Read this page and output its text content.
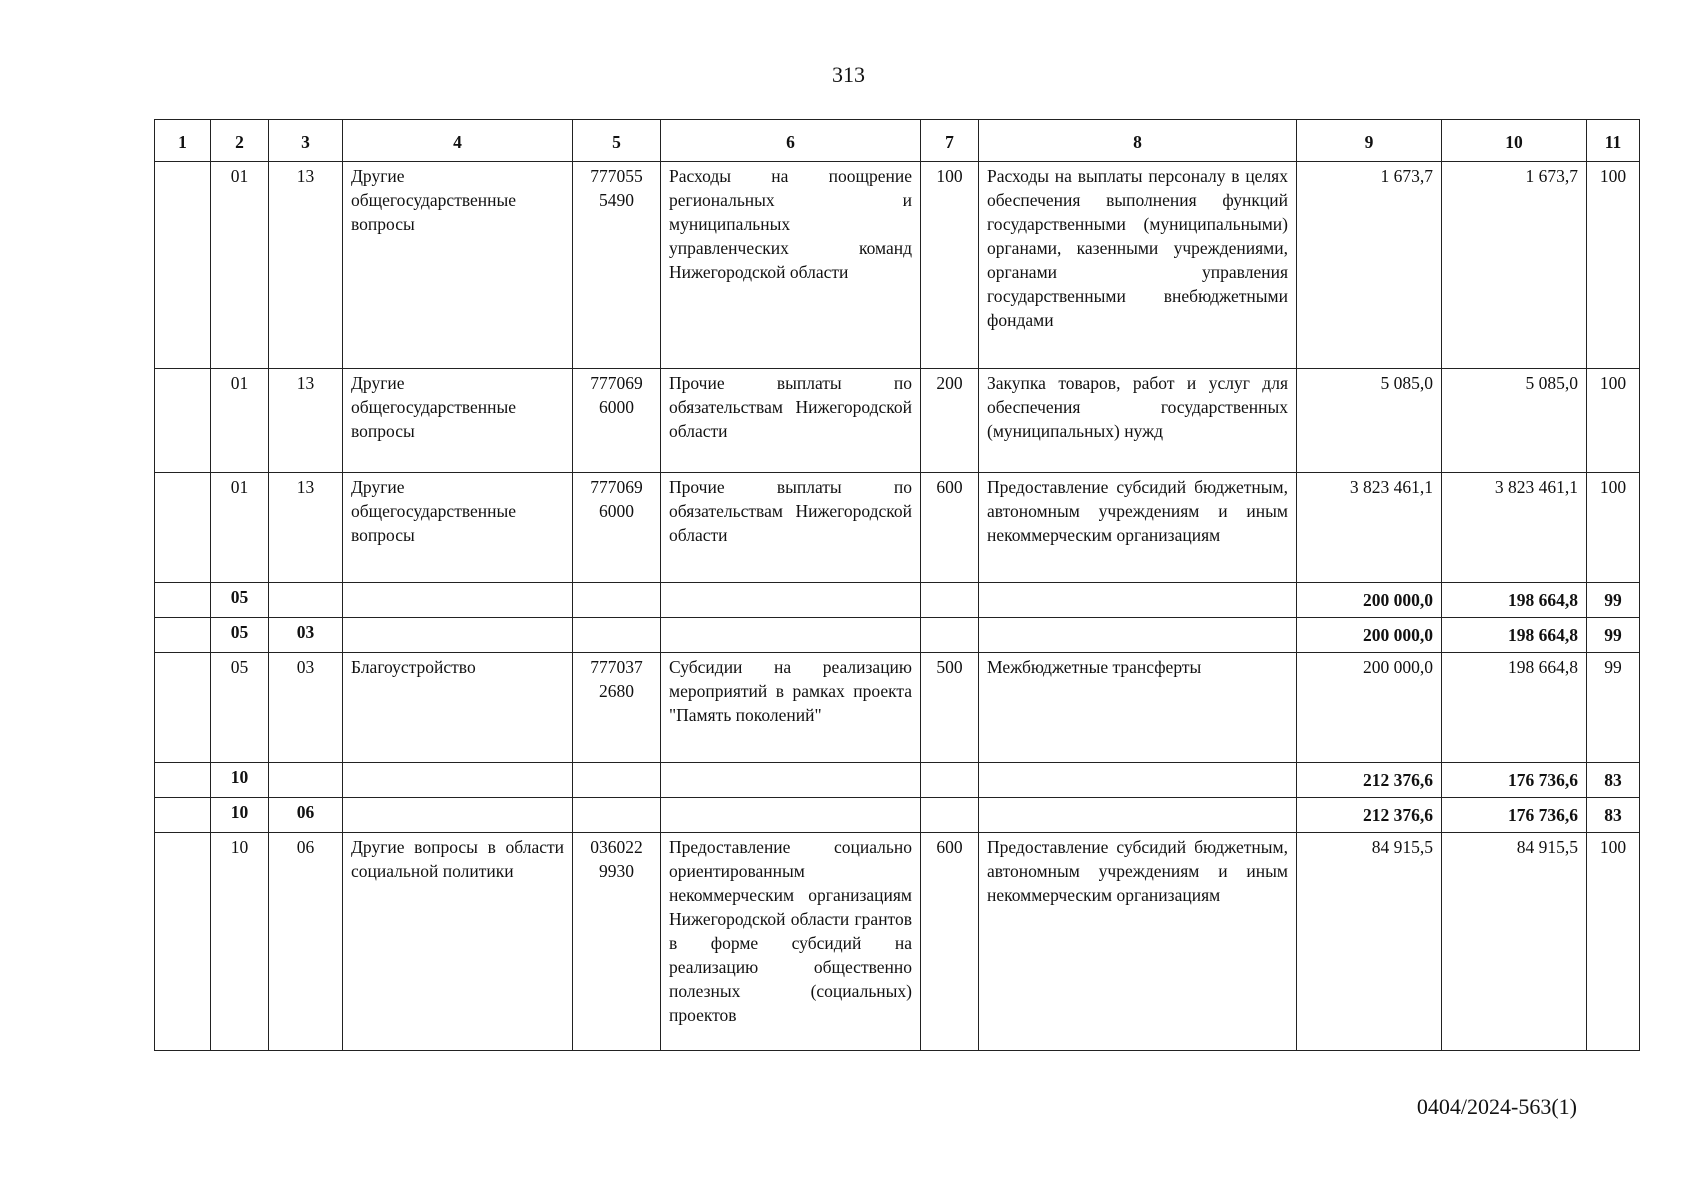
313
1	2	3	4	5	6	7	8	9	10	11
	01	13	Другие общегосударственные вопросы	777055 5490	Расходы на поощрение региональных и муниципальных управленческих команд Нижегородской области	100	Расходы на выплаты персоналу в целях обеспечения выполнения функций государственными (муниципальными) органами, казенными учреждениями, органами управления государственными внебюджетными фондами	1 673,7	1 673,7	100
	01	13	Другие общегосударственные вопросы	777069 6000	Прочие выплаты по обязательствам Нижегородской области	200	Закупка товаров, работ и услуг для обеспечения государственных (муниципальных) нужд	5 085,0	5 085,0	100
	01	13	Другие общегосударственные вопросы	777069 6000	Прочие выплаты по обязательствам Нижегородской области	600	Предоставление субсидий бюджетным, автономным учреждениям и иным некоммерческим организациям	3 823 461,1	3 823 461,1	100
	05							200 000,0	198 664,8	99
	05	03						200 000,0	198 664,8	99
	05	03	Благоустройство	777037 2680	Субсидии на реализацию мероприятий в рамках проекта "Память поколений"	500	Межбюджетные трансферты	200 000,0	198 664,8	99
	10							212 376,6	176 736,6	83
	10	06						212 376,6	176 736,6	83
	10	06	Другие вопросы в области социальной политики	036022 9930	Предоставление социально ориентированным некоммерческим организациям Нижегородской области грантов в форме субсидий на реализацию общественно полезных (социальных) проектов	600	Предоставление субсидий бюджетным, автономным учреждениям и иным некоммерческим организациям	84 915,5	84 915,5	100
0404/2024-563(1)
